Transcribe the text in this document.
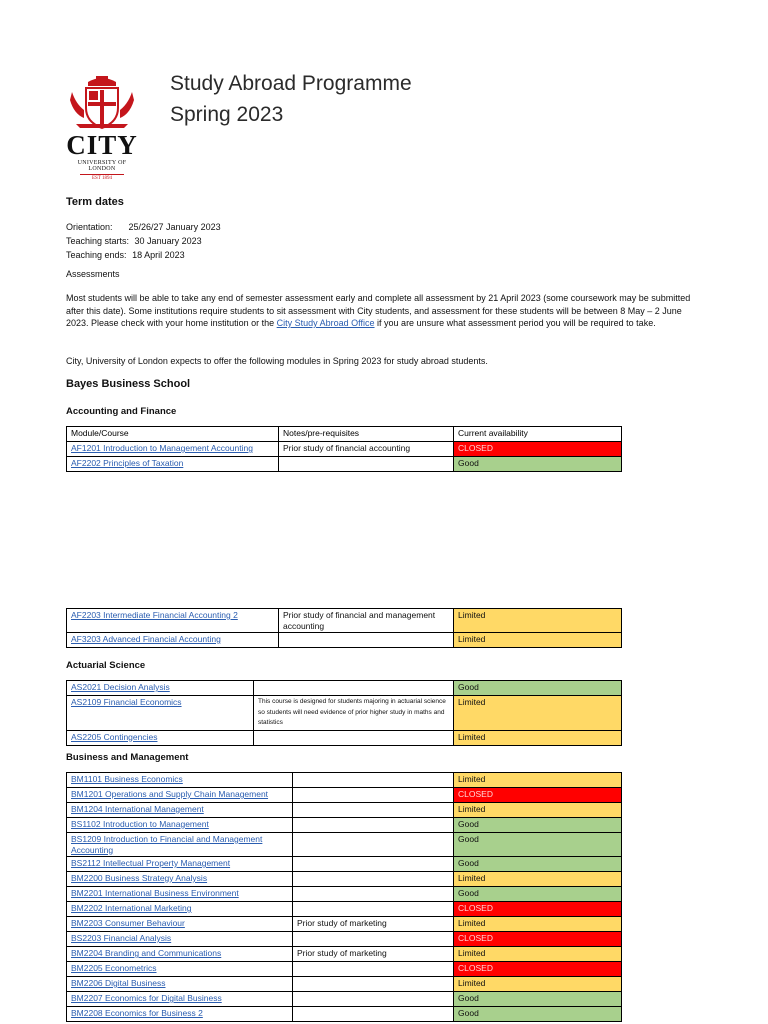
CITY
UNIVERSITY OF LONDON
EST 1894
Study Abroad Programme
Spring 2023
Term dates
Orientation: 25/26/27 January 2023
Teaching starts: 30 January 2023
Teaching ends: 18 April 2023
Assessments
Most students will be able to take any end of semester assessment early and complete all assessment by 21 April 2023 (some coursework may be submitted after this date). Some institutions require students to sit assessment with City students, and assessment for these students will be between 8 May – 2 June 2023. Please check with your home institution or the City Study Abroad Office if you are unsure what assessment period you will be required to take.
City, University of London expects to offer the following modules in Spring 2023 for study abroad students.
Bayes Business School
Accounting and Finance
Module/Course	Notes/pre-requisites	Current availability
AF1201 Introduction to Management Accounting	Prior study of financial accounting	CLOSED
AF2202 Principles of Taxation		Good
AF2203 Intermediate Financial Accounting 2	Prior study of financial and management accounting	Limited
AF3203 Advanced Financial Accounting		Limited
Actuarial Science
AS2021 Decision Analysis		Good
AS2109 Financial Economics	This course is designed for students majoring in actuarial science so students will need evidence of prior higher study in maths and statistics	Limited
AS2205 Contingencies		Limited
Business and Management
BM1101 Business Economics		Limited
BM1201 Operations and Supply Chain Management		CLOSED
BM1204 International Management		Limited
BS1102 Introduction to Management		Good
BS1209 Introduction to Financial and Management Accounting		Good
BS2112 Intellectual Property Management		Good
BM2200 Business Strategy Analysis		Limited
BM2201 International Business Environment		Good
BM2202 International Marketing		CLOSED
BM2203 Consumer Behaviour	Prior study of marketing	Limited
BS2203 Financial Analysis		CLOSED
BM2204 Branding and Communications	Prior study of marketing	Limited
BM2205 Econometrics		CLOSED
BM2206 Digital Business		Limited
BM2207 Economics for Digital Business		Good
BM2208 Economics for Business 2		Good
